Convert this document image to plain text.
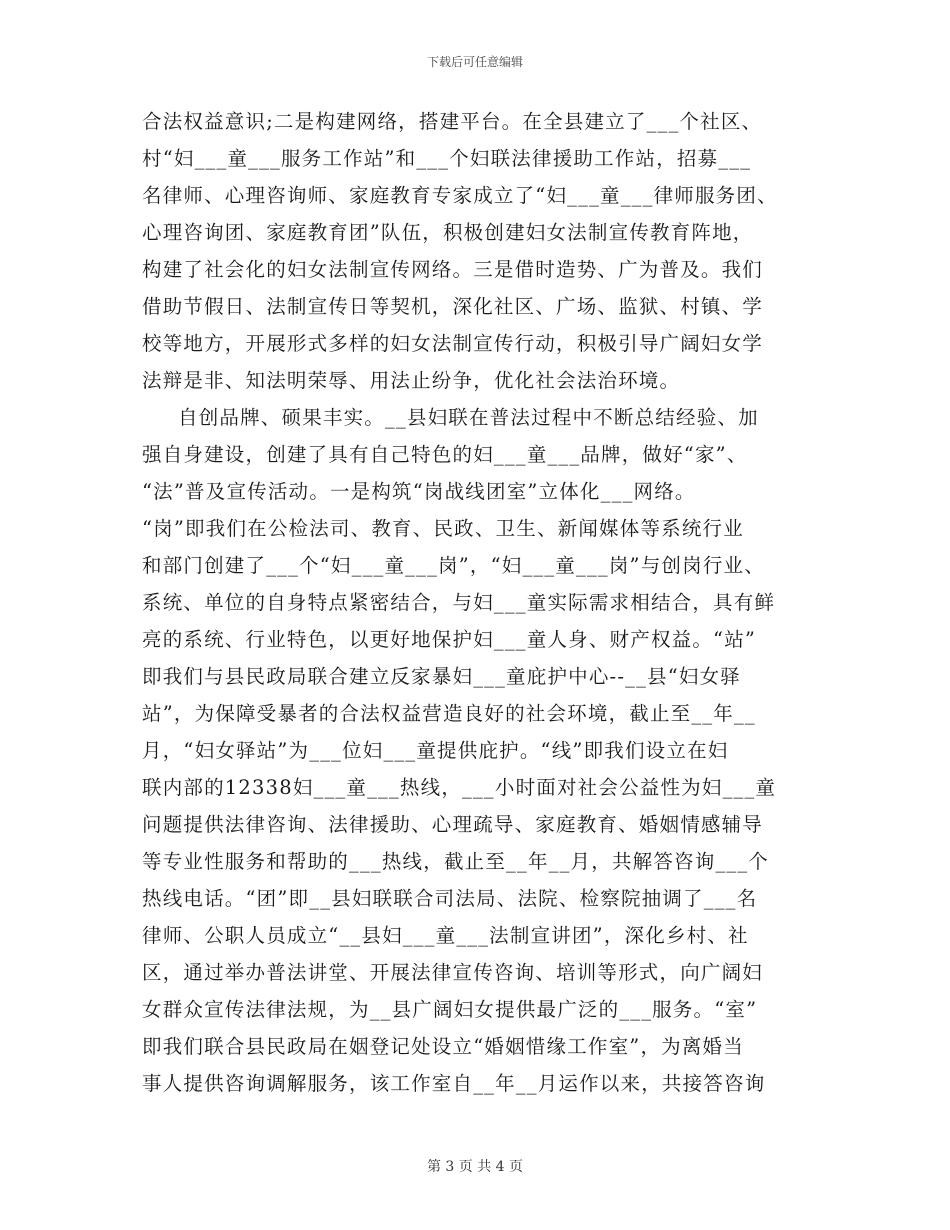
下载后可任意编辑
合法权益意识;二是构建网络，搭建平台。在全县建立了___个社区、
村“妇___童___服务工作站”和___个妇联法律援助工作站，招募___
名律师、心理咨询师、家庭教育专家成立了“妇___童___律师服务团、
心理咨询团、家庭教育团”队伍，积极创建妇女法制宣传教育阵地，
构建了社会化的妇女法制宣传网络。三是借时造势、广为普及。我们
借助节假日、法制宣传日等契机，深化社区、广场、监狱、村镇、学
校等地方，开展形式多样的妇女法制宣传行动，积极引导广阔妇女学
法辩是非、知法明荣辱、用法止纷争，优化社会法治环境。
自创品牌、硕果丰实。__县妇联在普法过程中不断总结经验、加
强自身建设，创建了具有自己特色的妇___童___品牌，做好“家”、
“法”普及宣传活动。一是构筑“岗战线团室”立体化___网络。
“岗”即我们在公检法司、教育、民政、卫生、新闻媒体等系统行业
和部门创建了___个“妇___童___岗”，“妇___童___岗”与创岗行业、
系统、单位的自身特点紧密结合，与妇___童实际需求相结合，具有鲜
亮的系统、行业特色，以更好地保护妇___童人身、财产权益。“站”
即我们与县民政局联合建立反家暴妇___童庇护中心--__县“妇女驿
站”，为保障受暴者的合法权益营造良好的社会环境，截止至__年__
月，“妇女驿站”为___位妇___童提供庇护。“线”即我们设立在妇
联内部的12338妇___童___热线，___小时面对社会公益性为妇___童
问题提供法律咨询、法律援助、心理疏导、家庭教育、婚姻情感辅导
等专业性服务和帮助的___热线，截止至__年__月，共解答咨询___个
热线电话。“团”即__县妇联联合司法局、法院、检察院抽调了___名
律师、公职人员成立“__县妇___童___法制宣讲团”，深化乡村、社
区，通过举办普法讲堂、开展法律宣传咨询、培训等形式，向广阔妇
女群众宣传法律法规，为__县广阔妇女提供最广泛的___服务。“室”
即我们联合县民政局在姻登记处设立“婚姻惜缘工作室”，为离婚当
事人提供咨询调解服务，该工作室自__年__月运作以来，共接答咨询
第 3 页 共 4 页
